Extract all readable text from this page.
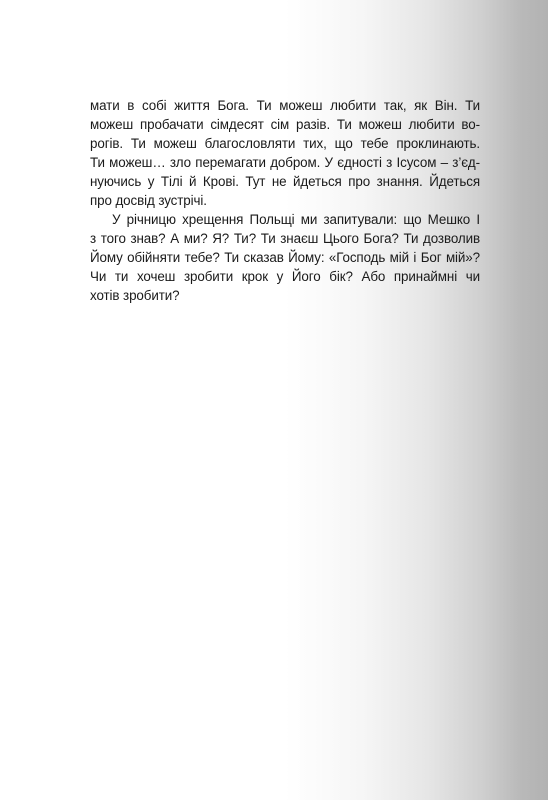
мати в собі життя Бога. Ти можеш любити так, як Він. Ти
можеш пробачати сімдесят сім разів. Ти можеш любити во-
рогів. Ти можеш благословляти тих, що тебе проклинають.
Ти можеш… зло перемагати добром. У єдності з Ісусом – з’єд-
нуючись у Тілі й Крові. Тут не йдеться про знання. Йдеться
про досвід зустрічі.
У річницю хрещення Польщі ми запитували: що Мешко І
з того знав? А ми? Я? Ти? Ти знаєш Цього Бога? Ти дозволив
Йому обійняти тебе? Ти сказав Йому: «Господь мій і Бог мій»?
Чи ти хочеш зробити крок у Його бік? Або принаймні чи
хотів зробити?
